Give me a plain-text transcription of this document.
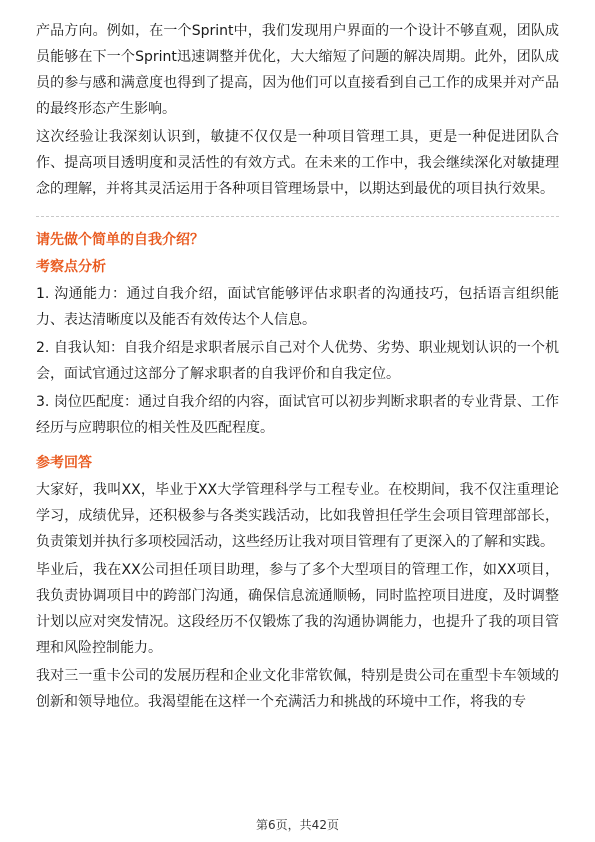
产品方向。例如，在一个Sprint中，我们发现用户界面的一个设计不够直观，团队成员能够在下一个Sprint迅速调整并优化，大大缩短了问题的解决周期。此外，团队成员的参与感和满意度也得到了提高，因为他们可以直接看到自己工作的成果并对产品的最终形态产生影响。

这次经验让我深刻认识到，敏捷不仅仅是一种项目管理工具，更是一种促进团队合作、提高项目透明度和灵活性的有效方式。在未来的工作中，我会继续深化对敏捷理念的理解，并将其灵活运用于各种项目管理场景中，以期达到最优的项目执行效果。

请先做个简单的自我介绍？
考察点分析

1. 沟通能力：通过自我介绍，面试官能够评估求职者的沟通技巧，包括语言组织能力、表达清晰度以及能否有效传达个人信息。

2. 自我认知：自我介绍是求职者展示自己对个人优势、劣势、职业规划认识的一个机会，面试官通过这部分了解求职者的自我评价和自我定位。

3. 岗位匹配度：通过自我介绍的内容，面试官可以初步判断求职者的专业背景、工作经历与应聘职位的相关性及匹配程度。

参考回答

大家好，我叫XX，毕业于XX大学管理科学与工程专业。在校期间，我不仅注重理论学习，成绩优异，还积极参与各类实践活动，比如我曾担任学生会项目管理部部长，负责策划并执行多项校园活动，这些经历让我对项目管理有了更深入的了解和实践。

毕业后，我在XX公司担任项目助理，参与了多个大型项目的管理工作，如XX项目，我负责协调项目中的跨部门沟通，确保信息流通顺畅，同时监控项目进度，及时调整计划以应对突发情况。这段经历不仅锻炼了我的沟通协调能力，也提升了我的项目管理和风险控制能力。

我对三一重卡公司的发展历程和企业文化非常钦佩，特别是贵公司在重型卡车领域的创新和领导地位。我渴望能在这样一个充满活力和挑战的环境中工作，将我的专

第6页，共42页
